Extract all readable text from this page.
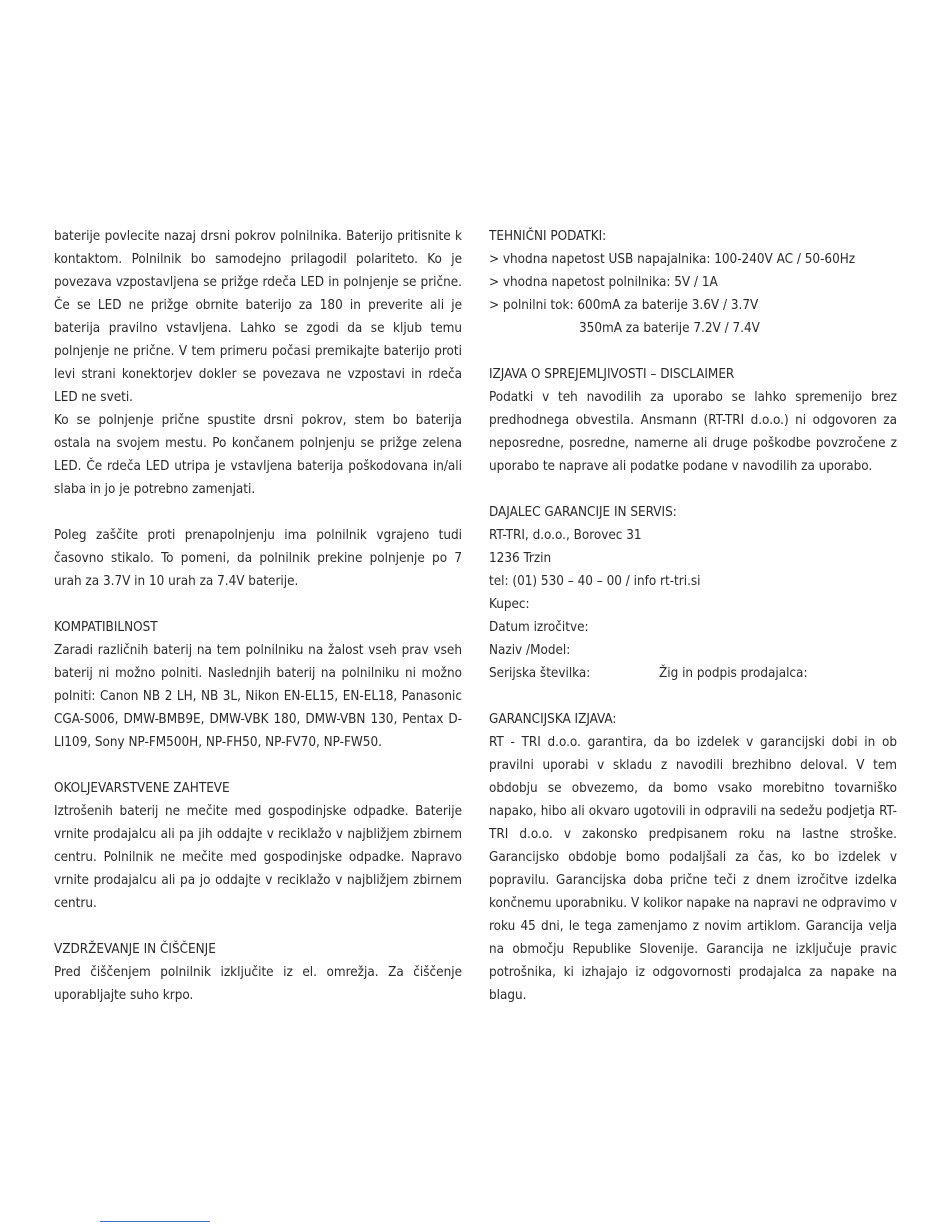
baterije povlecite nazaj drsni pokrov polnilnika. Baterijo pritisnite k kontaktom. Polnilnik bo samodejno prilagodil polariteto. Ko je povezava vzpostavljena se prižge rdeča LED in polnjenje se prične. Če se LED ne prižge obrnite baterijo za 180 in preverite ali je baterija pravilno vstavljena. Lahko se zgodi da se kljub temu polnjenje ne prične. V tem primeru počasi premikajte baterijo proti levi strani konektorjev dokler se povezava ne vzpostavi in rdeča LED ne sveti.

Ko se polnjenje prične spustite drsni pokrov, stem bo baterija ostala na svojem mestu. Po končanem polnjenju se prižge zelena LED. Če rdeča LED utripa je vstavljena baterija poškodovana in/ali slaba in jo je potrebno zamenjati.

Poleg zaščite proti prenapolnjenju ima polnilnik vgrajeno tudi časovno stikalo. To pomeni, da polnilnik prekine polnjenje po 7 urah za 3.7V in 10 urah za 7.4V baterije.

KOMPATIBILNOST

Zaradi različnih baterij na tem polnilniku na žalost vseh prav vseh baterij ni možno polniti. Naslednjih baterij na polnilniku ni možno polniti: Canon NB 2 LH, NB 3L, Nikon EN-EL15, EN-EL18, Panasonic CGA-S006, DMW-BMB9E, DMW-VBK 180, DMW-VBN 130, Pentax D-LI109, Sony NP-FM500H, NP-FH50, NP-FV70, NP-FW50.

OKOLJEVARSTVENE ZAHTEVE

Iztrošenih baterij ne mečite med gospodinjske odpadke. Baterije vrnite prodajalcu ali pa jih oddajte v reciklažo v najbližjem zbirnem centru. Polnilnik ne mečite med gospodinjske odpadke. Napravo vrnite prodajalcu ali pa jo oddajte v reciklažo v najbližjem zbirnem centru.

VZDRŽEVANJE IN ČIŠČENJE

Pred čiščenjem polnilnik izključite iz el. omrežja. Za čiščenje uporabljajte suho krpo.

TEHNIČNI PODATKI:

> vhodna napetost USB napajalnika: 100-240V AC / 50-60Hz

> vhodna napetost polnilnika: 5V / 1A

> polnilni tok: 600mA za baterije 3.6V / 3.7V

350mA za baterije 7.2V / 7.4V

IZJAVA O SPREJEMLJIVOSTI – DISCLAIMER

Podatki v teh navodilih za uporabo se lahko spremenijo brez predhodnega obvestila. Ansmann (RT-TRI d.o.o.) ni odgovoren za neposredne, posredne, namerne ali druge poškodbe povzročene z uporabo te naprave ali podatke podane v navodilih za uporabo.

DAJALEC GARANCIJE IN SERVIS:

RT-TRI, d.o.o., Borovec 31

1236 Trzin

tel: (01) 530 – 40 – 00 / info rt-tri.si

Kupec:

Datum izročitve:

Naziv /Model:

Serijska številka:	Žig in podpis prodajalca:

GARANCIJSKA IZJAVA:

RT - TRI d.o.o. garantira, da bo izdelek v garancijski dobi in ob pravilni uporabi v skladu z navodili brezhibno deloval. V tem obdobju se obvezemo, da bomo vsako morebitno tovarniško napako, hibo ali okvaro ugotovili in odpravili na sedežu podjetja RT- TRI d.o.o. v zakonsko predpisanem roku na lastne stroške. Garancijsko obdobje bomo podaljšali za čas, ko bo izdelek v popravilu. Garancijska doba prične teči z dnem izročitve izdelka končnemu uporabniku. V kolikor napake na napravi ne odpravimo v roku 45 dni, le tega zamenjamo z novim artiklom. Garancija velja na območju Republike Slovenije. Garancija ne izključuje pravic potrošnika, ki izhajajo iz odgovornosti prodajalca za napake na blagu.
